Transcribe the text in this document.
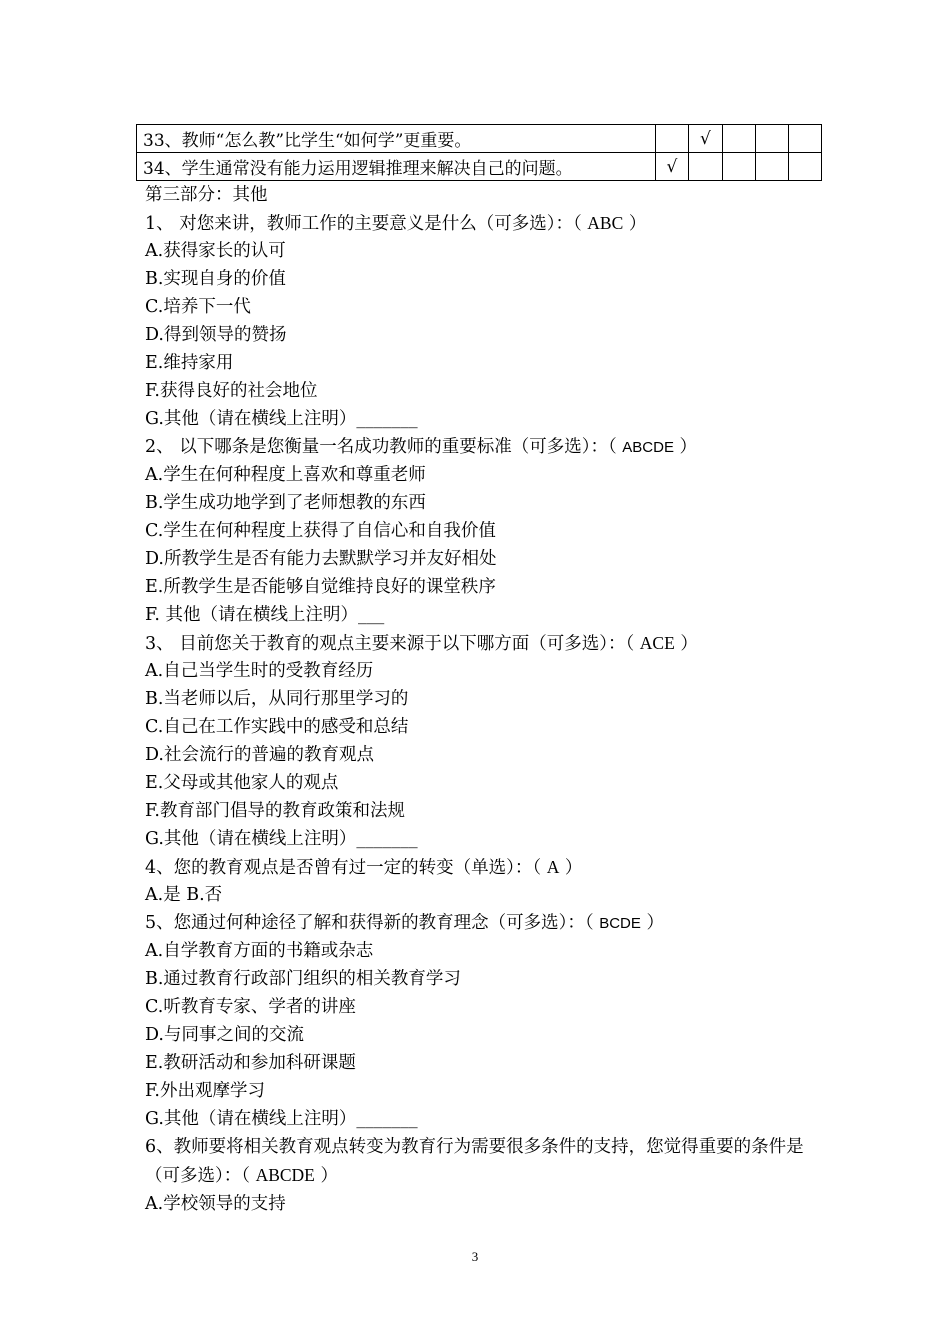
33、教师“怎么教”比学生“如何学”更重要。		√			
34、学生通常没有能力运用逻辑推理来解决自己的问题。	√				
第三部分：其他
1、 对您来讲，教师工作的主要意义是什么（可多选）：（ ABC ）
A.获得家长的认可
B.实现自身的价值
C.培养下一代
D.得到领导的赞扬
E.维持家用
F.获得良好的社会地位
G.其他（请在横线上注明）_______
2、 以下哪条是您衡量一名成功教师的重要标准（可多选）：（ ABCDE ）
A.学生在何种程度上喜欢和尊重老师
B.学生成功地学到了老师想教的东西
C.学生在何种程度上获得了自信心和自我价值
D.所教学生是否有能力去默默学习并友好相处
E.所教学生是否能够自觉维持良好的课堂秩序
F. 其他（请在横线上注明）___
3、 目前您关于教育的观点主要来源于以下哪方面（可多选）：（ ACE ）
A.自己当学生时的受教育经历
B.当老师以后，从同行那里学习的
C.自己在工作实践中的感受和总结
D.社会流行的普遍的教育观点
E.父母或其他家人的观点
F.教育部门倡导的教育政策和法规
G.其他（请在横线上注明）_______
4、您的教育观点是否曾有过一定的转变（单选）：（ A ）
A.是 B.否
5、您通过何种途径了解和获得新的教育理念（可多选）：（ BCDE ）
A.自学教育方面的书籍或杂志
B.通过教育行政部门组织的相关教育学习
C.听教育专家、学者的讲座
D.与同事之间的交流
E.教研活动和参加科研课题
F.外出观摩学习
G.其他（请在横线上注明）_______
6、教师要将相关教育观点转变为教育行为需要很多条件的支持，您觉得重要的条件是（可多选）：（ ABCDE ）
A.学校领导的支持
3
